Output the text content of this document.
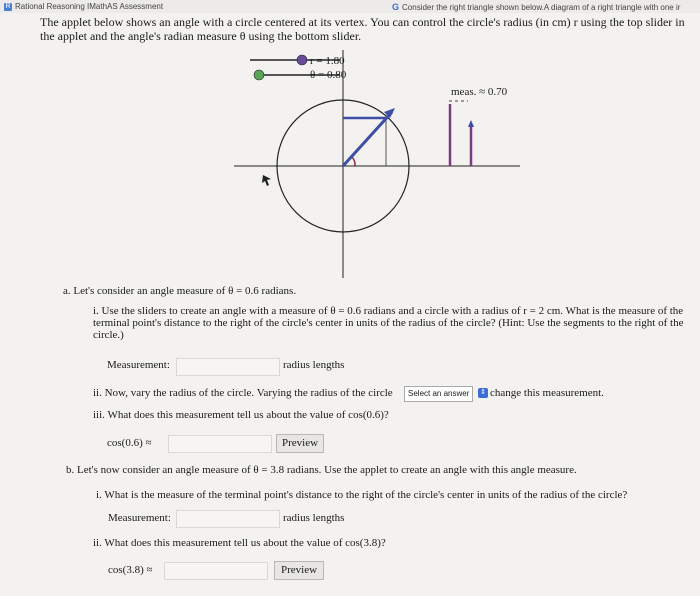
R Rational Reasoning IMathAS Assessment	G Consider the right triangle shown below.A diagram of a right triangle with one ir
The applet below shows an angle with a circle centered at its vertex. You can control the circle's radius (in cm) r using the top slider in the applet and the angle's radian measure θ using the bottom slider.
r = 1.80
θ = 0.80
meas. ≈ 0.70
a. Let's consider an angle measure of θ = 0.6 radians.
i. Use the sliders to create an angle with a measure of θ = 0.6 radians and a circle with a radius of r = 2 cm. What is the measure of the terminal point's distance to the right of the circle's center in units of the radius of the circle? (Hint: Use the segments to the right of the circle.)
Measurement:	radius lengths
ii. Now, vary the radius of the circle. Varying the radius of the circle	Select an answer	⇕ change this measurement.
iii. What does this measurement tell us about the value of cos(0.6)?
cos(0.6) ≈	Preview
b. Let's now consider an angle measure of θ = 3.8 radians. Use the applet to create an angle with this angle measure.
i. What is the measure of the terminal point's distance to the right of the circle's center in units of the radius of the circle?
Measurement:	radius lengths
ii. What does this measurement tell us about the value of cos(3.8)?
cos(3.8) ≈	Preview
